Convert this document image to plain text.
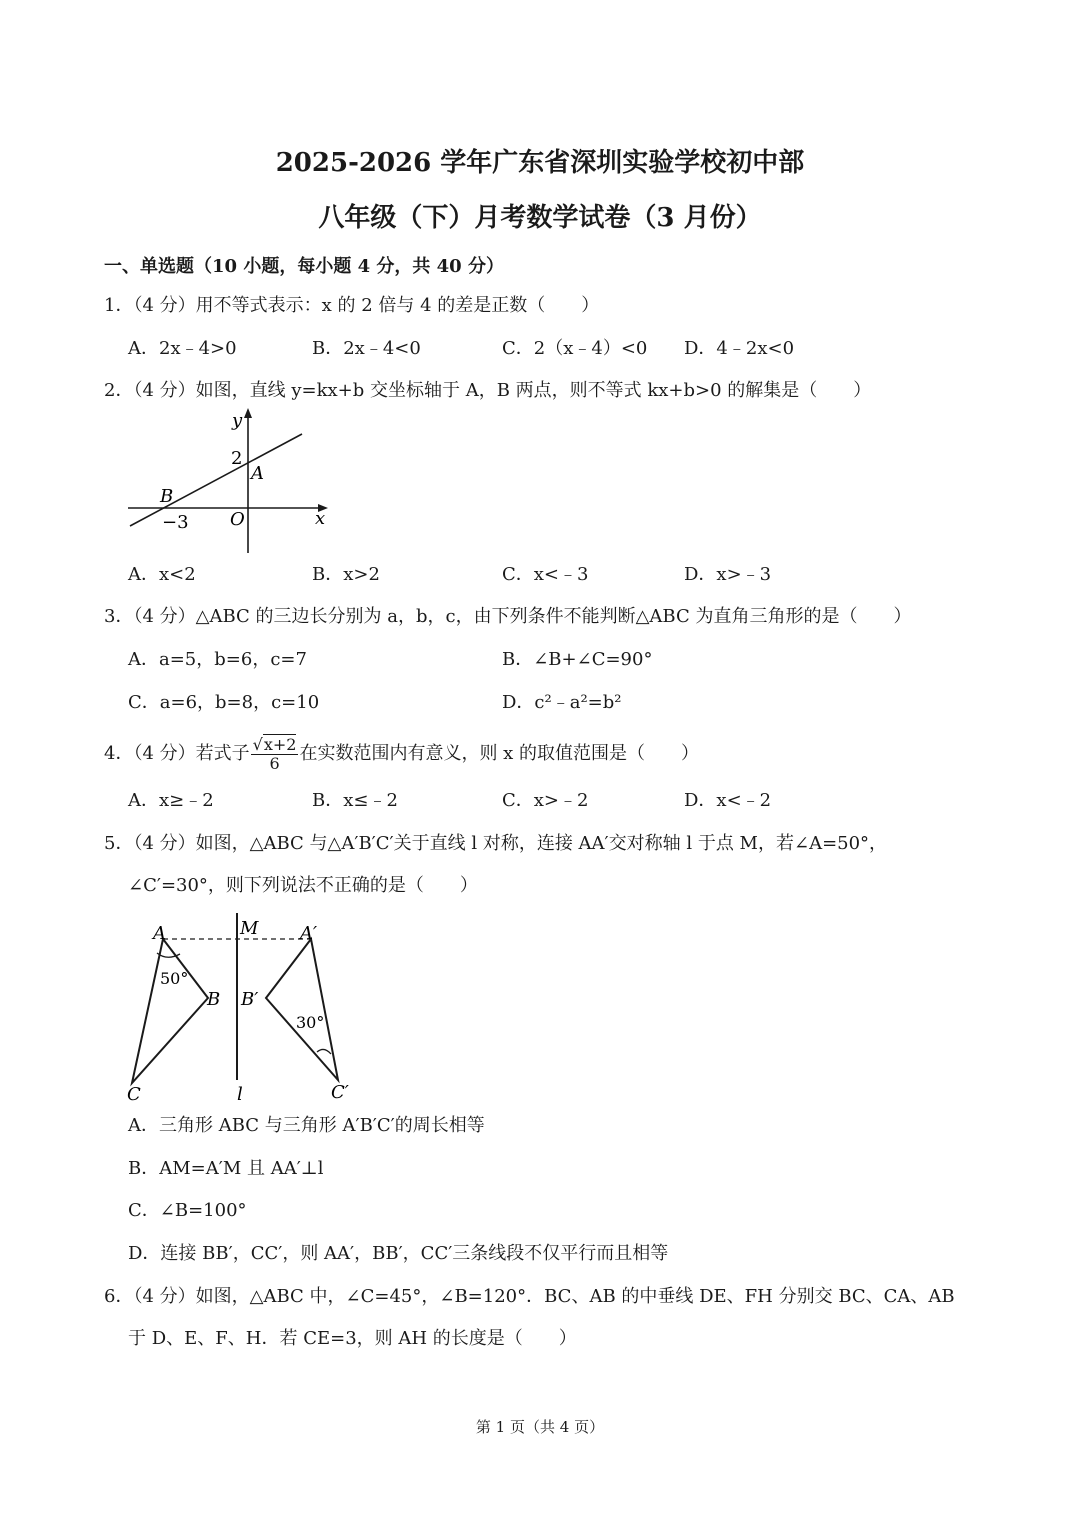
2025-2026 学年广东省深圳实验学校初中部
八年级（下）月考数学试卷（3 月份）
一、单选题（10 小题，每小题 4 分，共 40 分）
1．（4 分）用不等式表示：x 的 2 倍与 4 的差是正数（　　）
A．2x﹣4>0	B．2x﹣4<0	C．2（x﹣4）<0 D．4﹣2x<0
2．（4 分）如图，直线 y=kx+b 交坐标轴于 A，B 两点，则不等式 kx+b>0 的解集是（　　）
y
x
2
A
B
O
−3
A．x<2	B．x>2	C．x<﹣3	D．x>﹣3
3．（4 分）△ABC 的三边长分别为 a，b，c，由下列条件不能判断△ABC 为直角三角形的是（　　）
A．a=5，b=6，c=7	B．∠B+∠C=90°
C．a=6，b=8，c=10	D．c²﹣a²=b²
4．（4 分）若式子 $\frac{√x+2}{6}$ 在实数范围内有意义，则 x 的取值范围是（　　）
A．x≥﹣2	B．x≤﹣2	C．x>﹣2	D．x<﹣2
5．（4 分）如图，△ABC 与△A′B′C′关于直线 l 对称，连接 AA′交对称轴 l 于点 M，若∠A=50°，
∠C′=30°，则下列说法不正确的是（　　）
A	M A′
B B′
C	C′
l
50°
30°
A．三角形 ABC 与三角形 A′B′C′的周长相等
B．AM=A′M 且 AA′⊥l
C．∠B=100°
D．连接 BB′，CC′，则 AA′，BB′，CC′三条线段不仅平行而且相等
6．（4 分）如图，△ABC 中，∠C=45°，∠B=120°．BC、AB 的中垂线 DE、FH 分别交 BC、CA、AB
于 D、E、F、H．若 CE=3，则 AH 的长度是（　　）
第 1 页（共 4 页）
